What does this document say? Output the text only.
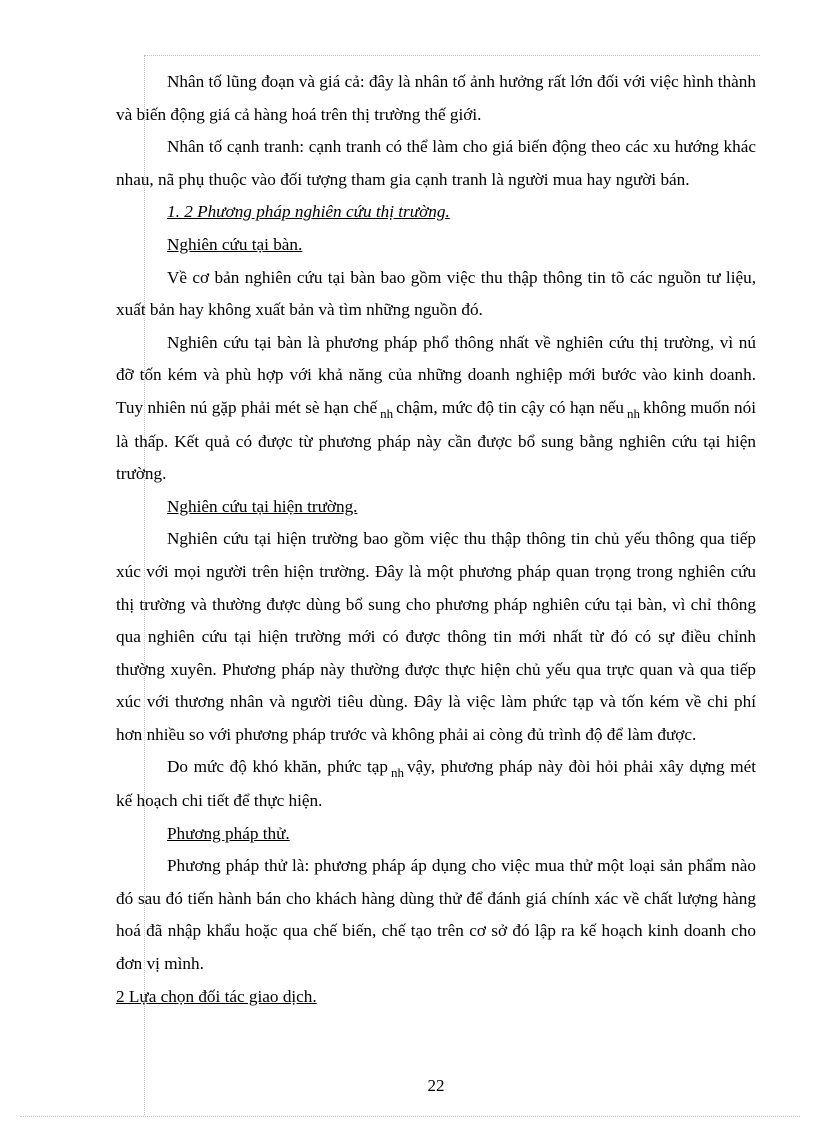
Nhân tố lũng đoạn và giá cả: đây là nhân tố ảnh hưởng rất lớn đối với việc hình thành và biến động giá cả hàng hoá trên thị trường thế giới.

Nhân tố cạnh tranh: cạnh tranh có thể làm cho giá biến động theo các xu hướng khác nhau, nã phụ thuộc vào đối tượng tham gia cạnh tranh là người mua hay người bán.

1. 2 Phương pháp nghiên cứu thị trường.
Nghiên cứu tại bàn.

Về cơ bản nghiên cứu tại bàn bao gồm việc thu thập thông tin tõ các nguồn tư liệu, xuất bản hay không xuất bản và tìm những nguồn đó.

Nghiên cứu tại bàn là phương pháp phổ thông nhất về nghiên cứu thị trường, vì nú đỡ tốn kém và phù hợp với khả năng của những doanh nghiệp mới bước vào kinh doanh. Tuy nhiên nú gặp phải mét sè hạn chế $_{nh}$ chậm, mức độ tin cậy có hạn nếu $_{nh}$ không muốn nói là thấp. Kết quả có được từ phương pháp này cần được bổ sung bằng nghiên cứu tại hiện trường.

Nghiên cứu tại hiện trường.

Nghiên cứu tại hiện trường bao gồm việc thu thập thông tin chủ yếu thông qua tiếp xúc với mọi người trên hiện trường. Đây là một phương pháp quan trọng trong nghiên cứu thị trường và thường được dùng bổ sung cho phương pháp nghiên cứu tại bàn, vì chỉ thông qua nghiên cứu tại hiện trường mới có được thông tin mới nhất từ đó có sự điều chỉnh thường xuyên. Phương pháp này thường được thực hiện chủ yếu qua trực quan và qua tiếp xúc với thương nhân và người tiêu dùng. Đây là việc làm phức tạp và tốn kém về chi phí hơn nhiều so với phương pháp trước và không phải ai còng đủ trình độ để làm được.

Do mức độ khó khăn, phức tạp $_{nh}$ vậy, phương pháp này đòi hỏi phải xây dựng mét kế hoạch chi tiết để thực hiện.

Phương pháp thử.

Phương pháp thử là: phương pháp áp dụng cho việc mua thử một loại sản phẩm nào đó sau đó tiến hành bán cho khách hàng dùng thử để đánh giá chính xác về chất lượng hàng hoá đã nhập khẩu hoặc qua chế biến, chế tạo trên cơ sở đó lập ra kế hoạch kinh doanh cho đơn vị mình.

2 Lựa chọn đối tác giao dịch.
22
